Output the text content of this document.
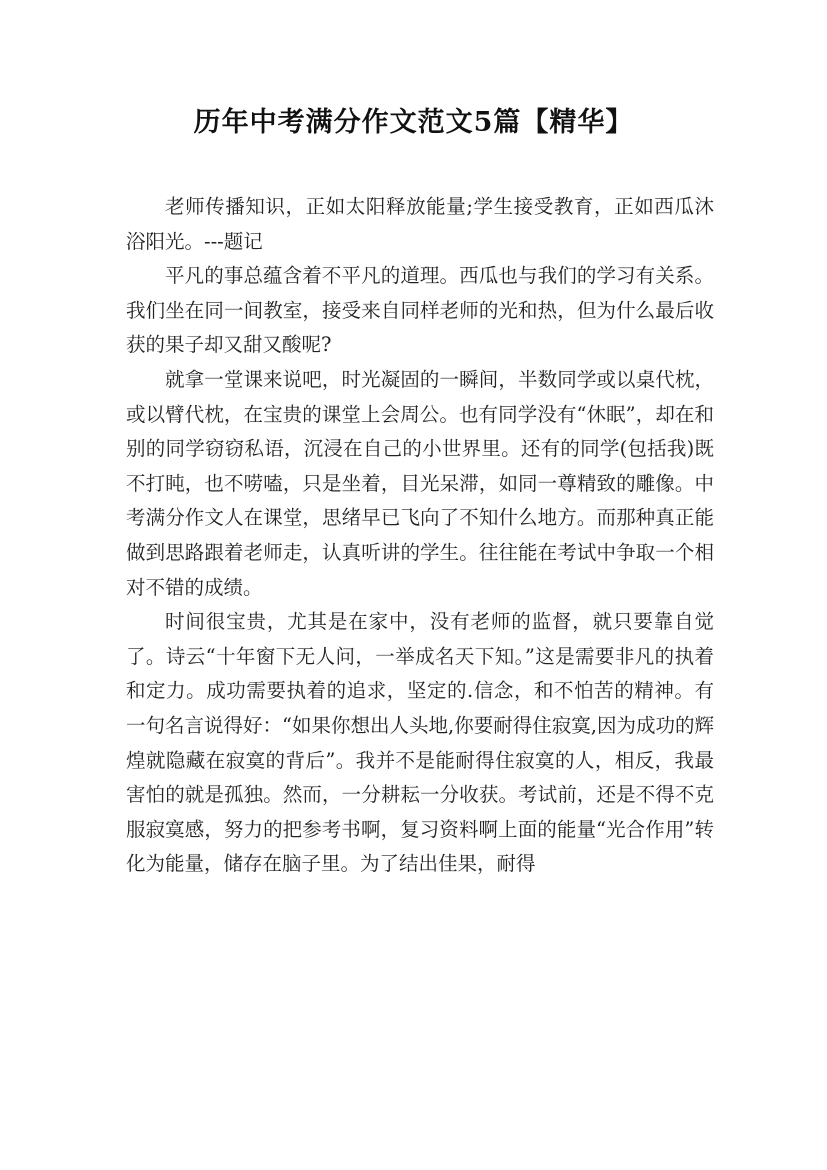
历年中考满分作文范文5篇【精华】

老师传播知识，正如太阳释放能量;学生接受教育，正如西瓜沐浴阳光。---题记

平凡的事总蕴含着不平凡的道理。西瓜也与我们的学习有关系。我们坐在同一间教室，接受来自同样老师的光和热，但为什么最后收获的果子却又甜又酸呢?

就拿一堂课来说吧，时光凝固的一瞬间，半数同学或以桌代枕，或以臂代枕，在宝贵的课堂上会周公。也有同学没有“休眠”，却在和别的同学窃窃私语，沉浸在自己的小世界里。还有的同学(包括我)既不打盹，也不唠嗑，只是坐着，目光呆滞，如同一尊精致的雕像。中考满分作文人在课堂，思绪早已飞向了不知什么地方。而那种真正能做到思路跟着老师走，认真听讲的学生。往往能在考试中争取一个相对不错的成绩。

时间很宝贵，尤其是在家中，没有老师的监督，就只要靠自觉了。诗云“十年窗下无人问，一举成名天下知。”这是需要非凡的执着和定力。成功需要执着的追求，坚定的.信念，和不怕苦的精神。有一句名言说得好：“如果你想出人头地,你要耐得住寂寞,因为成功的辉煌就隐藏在寂寞的背后”。我并不是能耐得住寂寞的人，相反，我最害怕的就是孤独。然而，一分耕耘一分收获。考试前，还是不得不克服寂寞感，努力的把参考书啊，复习资料啊上面的能量“光合作用”转化为能量，储存在脑子里。为了结出佳果，耐得
